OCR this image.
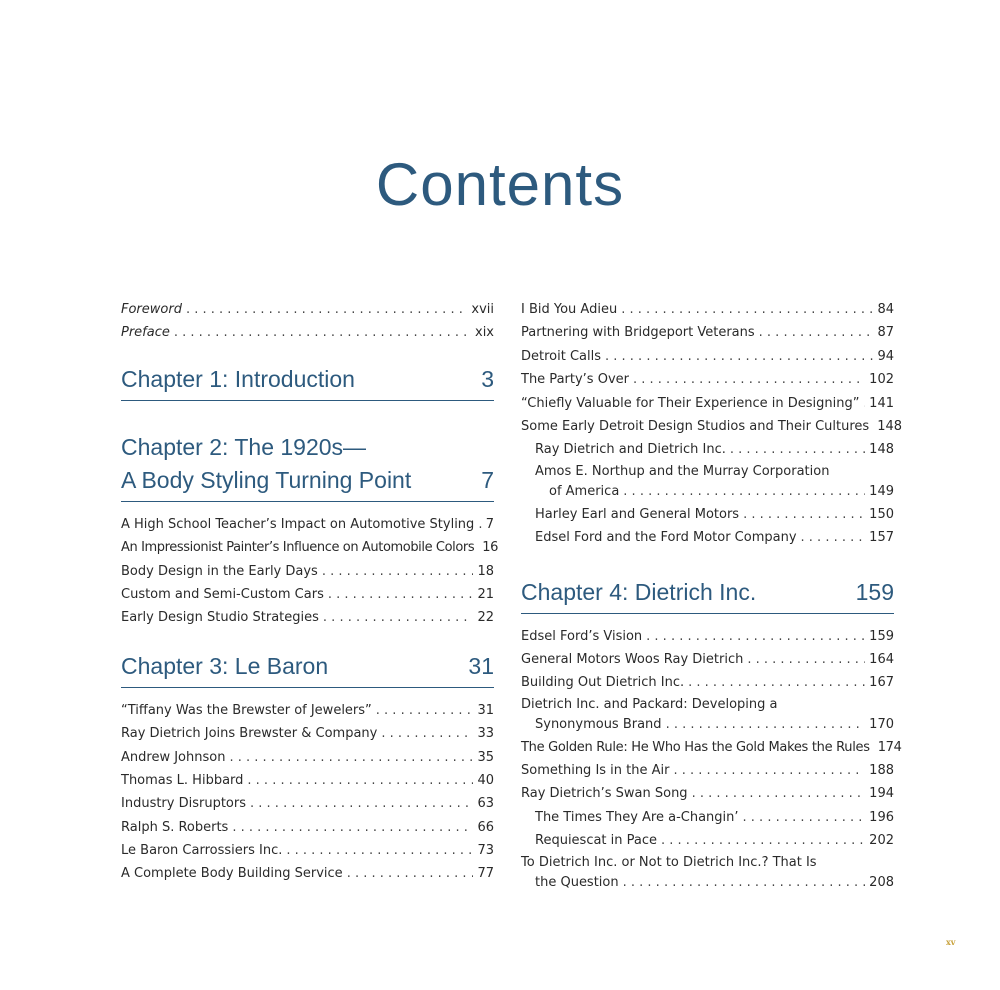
Contents
Foreword . . .	xvii
Preface . . .	xix
Chapter 1: Introduction	3
Chapter 2: The 1920s—
A Body Styling Turning Point	7
A High School Teacher’s Impact on Automotive Styling . . . 7
An Impressionist Painter’s Influence on Automobile Colors 16
Body Design in the Early Days . . .	18
Custom and Semi-Custom Cars . . .	21
Early Design Studio Strategies . . .	22
Chapter 3: Le Baron	31
“Tiffany Was the Brewster of Jewelers” . . .	31
Ray Dietrich Joins Brewster & Company . . .	33
Andrew Johnson . . .	35
Thomas L. Hibbard . . .	40
Industry Disruptors . . .	63
Ralph S. Roberts . . .	66
Le Baron Carrossiers Inc. . . .	73
A Complete Body Building Service . . .	77
I Bid You Adieu . . .	84
Partnering with Bridgeport Veterans . . .	87
Detroit Calls . . .	94
The Party’s Over . . .	102
“Chiefly Valuable for Their Experience in Designing” . . . 141
Some Early Detroit Design Studios and Their Cultures 148
Ray Dietrich and Dietrich Inc. . . .	148
Amos E. Northup and the Murray Corporation
of America . . .	149
Harley Earl and General Motors . . .	150
Edsel Ford and the Ford Motor Company . . .	157
Chapter 4: Dietrich Inc.	159
Edsel Ford’s Vision . . .	159
General Motors Woos Ray Dietrich . . .	164
Building Out Dietrich Inc. . . .	167
Dietrich Inc. and Packard: Developing a
Synonymous Brand . . .	170
The Golden Rule: He Who Has the Gold Makes the Rules 174
Something Is in the Air . . .	188
Ray Dietrich’s Swan Song . . .	194
The Times They Are a-Changin’ . . .	196
Requiescat in Pace . . .	202
To Dietrich Inc. or Not to Dietrich Inc.? That Is
the Question . . .	208
xv
